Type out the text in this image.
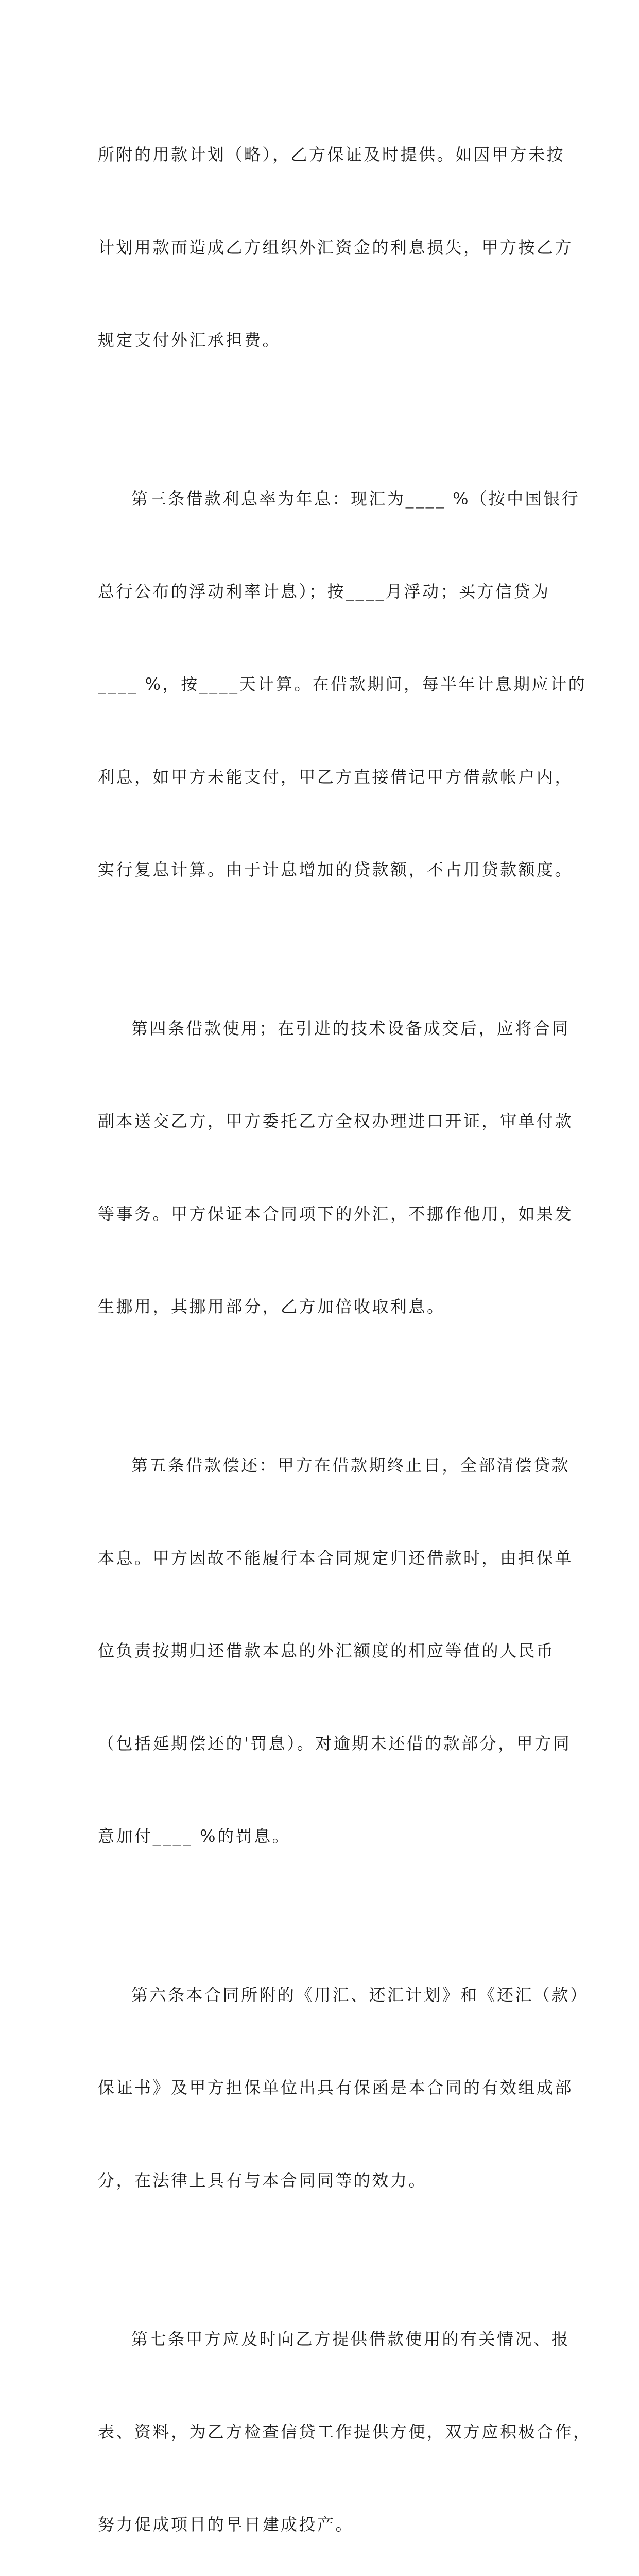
所附的用款计划（略），乙方保证及时提供。如因甲方未按

计划用款而造成乙方组织外汇资金的利息损失，甲方按乙方

规定支付外汇承担费。

第三条借款利息率为年息：现汇为____ %（按中国银行

总行公布的浮动利率计息）；按____月浮动；买方信贷为

____ %，按____天计算。在借款期间，每半年计息期应计的

利息，如甲方未能支付，甲乙方直接借记甲方借款帐户内，

实行复息计算。由于计息增加的贷款额，不占用贷款额度。

第四条借款使用；在引进的技术设备成交后，应将合同

副本送交乙方，甲方委托乙方全权办理进口开证，审单付款

等事务。甲方保证本合同项下的外汇，不挪作他用，如果发

生挪用，其挪用部分，乙方加倍收取利息。

第五条借款偿还：甲方在借款期终止日，全部清偿贷款

本息。甲方因故不能履行本合同规定归还借款时，由担保单

位负责按期归还借款本息的外汇额度的相应等值的人民币

（包括延期偿还的'罚息）。对逾期未还借的款部分，甲方同

意加付____ %的罚息。

第六条本合同所附的《用汇、还汇计划》和《还汇（款）

保证书》及甲方担保单位出具有保函是本合同的有效组成部

分，在法律上具有与本合同同等的效力。

第七条甲方应及时向乙方提供借款使用的有关情况、报

表、资料，为乙方检查信贷工作提供方便，双方应积极合作，

努力促成项目的早日建成投产。
